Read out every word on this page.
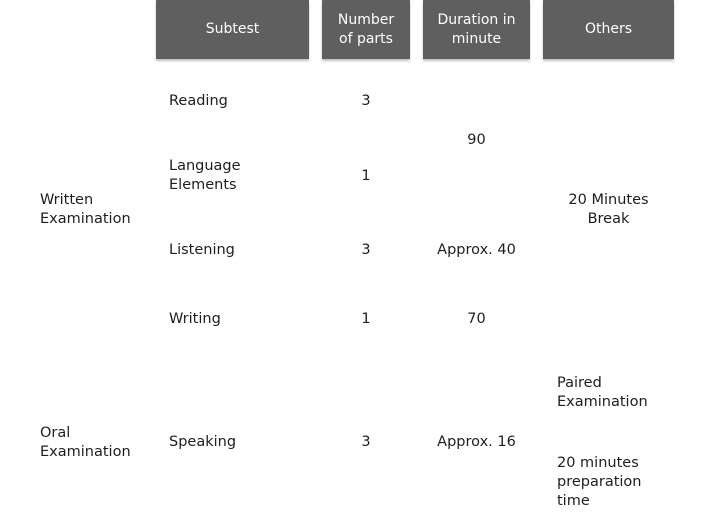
Subtest
Number
of parts
Duration in
minute
Others
Written
Examination
Oral
Examination
Reading
Language
Elements
Listening
Writing
Speaking
3
1
3
1
3
90
Approx. 40
70
Approx. 16
20 Minutes
Break
Paired
Examination
20 minutes
preparation
time
